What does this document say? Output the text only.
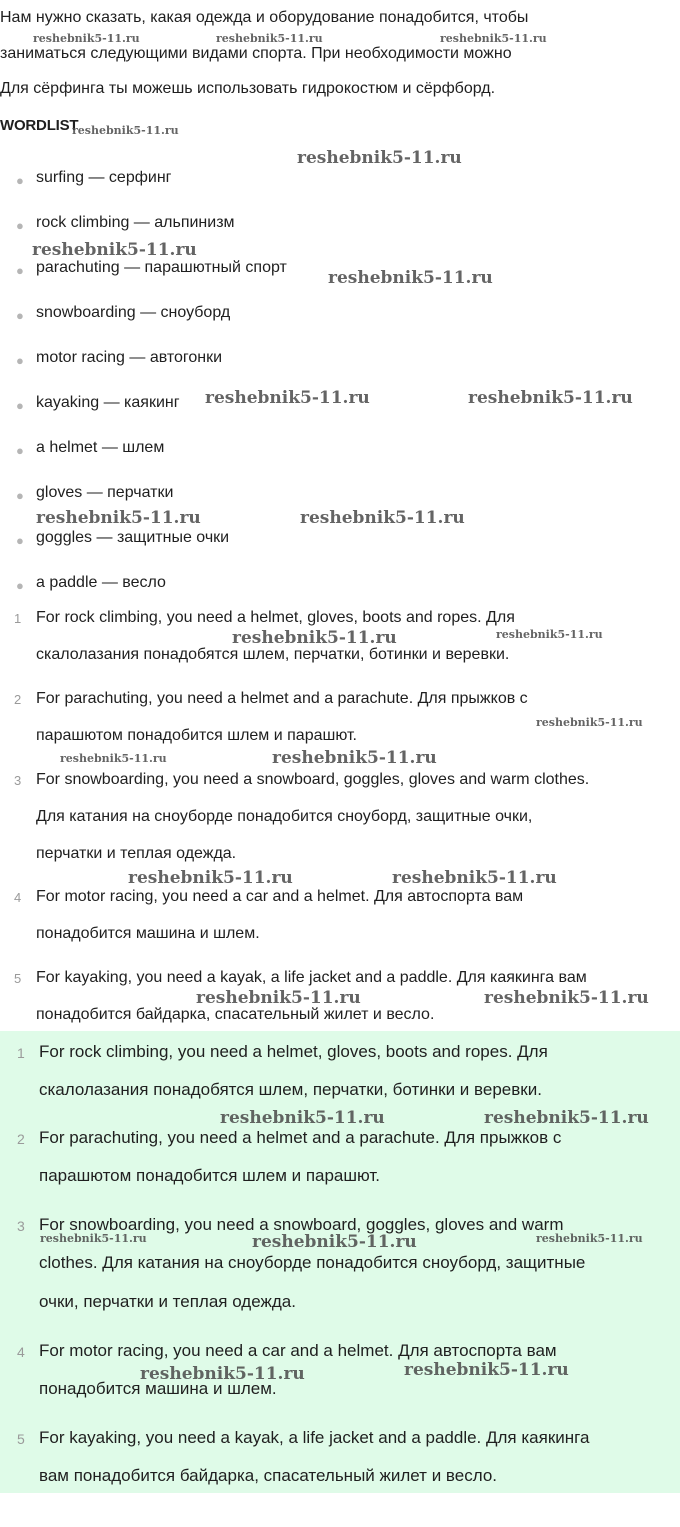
Нам нужно сказать, какая одежда и оборудование понадобится, чтобы
заниматься следующими видами спорта. При необходимости можно
Для сёрфинга ты можешь использовать гидрокостюм и сёрфборд.
WORDLIST
● surfing — серфинг
● rock climbing — альпинизм
● parachuting — парашютный спорт
● snowboarding — сноуборд
● motor racing — автогонки
● kayaking — каякинг
● a helmet — шлем
● gloves — перчатки
● goggles — защитные очки
● a paddle — весло
1 For rock climbing, you need a helmet, gloves, boots and ropes. Для
скалолазания понадобятся шлем, перчатки, ботинки и веревки.
2 For parachuting, you need a helmet and a parachute. Для прыжков с
парашютом понадобится шлем и парашют.
3 For snowboarding, you need a snowboard, goggles, gloves and warm clothes.
Для катания на сноуборде понадобится сноуборд, защитные очки,
перчатки и теплая одежда.
4 For motor racing, you need a car and a helmet. Для автоспорта вам
понадобится машина и шлем.
5 For kayaking, you need a kayak, a life jacket and a paddle. Для каякинга вам
понадобится байдарка, спасательный жилет и весло.
1 For rock climbing, you need a helmet, gloves, boots and ropes. Для
скалолазания понадобятся шлем, перчатки, ботинки и веревки.
2 For parachuting, you need a helmet and a parachute. Для прыжков с
парашютом понадобится шлем и парашют.
3 For snowboarding, you need a snowboard, goggles, gloves and warm
clothes. Для катания на сноуборде понадобится сноуборд, защитные
очки, перчатки и теплая одежда.
4 For motor racing, you need a car and a helmet. Для автоспорта вам
понадобится машина и шлем.
5 For kayaking, you need a kayak, a life jacket and a paddle. Для каякинга
вам понадобится байдарка, спасательный жилет и весло.
reshebnik5-11.ru	reshebnik5-11.ru	reshebnik5-11.ru
reshebnik5-11.ru
reshebnik5-11.ru
reshebnik5-11.ru
reshebnik5-11.ru
reshebnik5-11.ru	reshebnik5-11.ru
reshebnik5-11.ru	reshebnik5-11.ru
reshebnik5-11.ru	reshebnik5-11.ru
reshebnik5-11.ru
reshebnik5-11.ru	reshebnik5-11.ru
reshebnik5-11.ru	reshebnik5-11.ru
reshebnik5-11.ru	reshebnik5-11.ru
reshebnik5-11.ru	reshebnik5-11.ru
reshebnik5-11.ru	reshebnik5-11.ru	reshebnik5-11.ru
reshebnik5-11.ru	reshebnik5-11.ru
